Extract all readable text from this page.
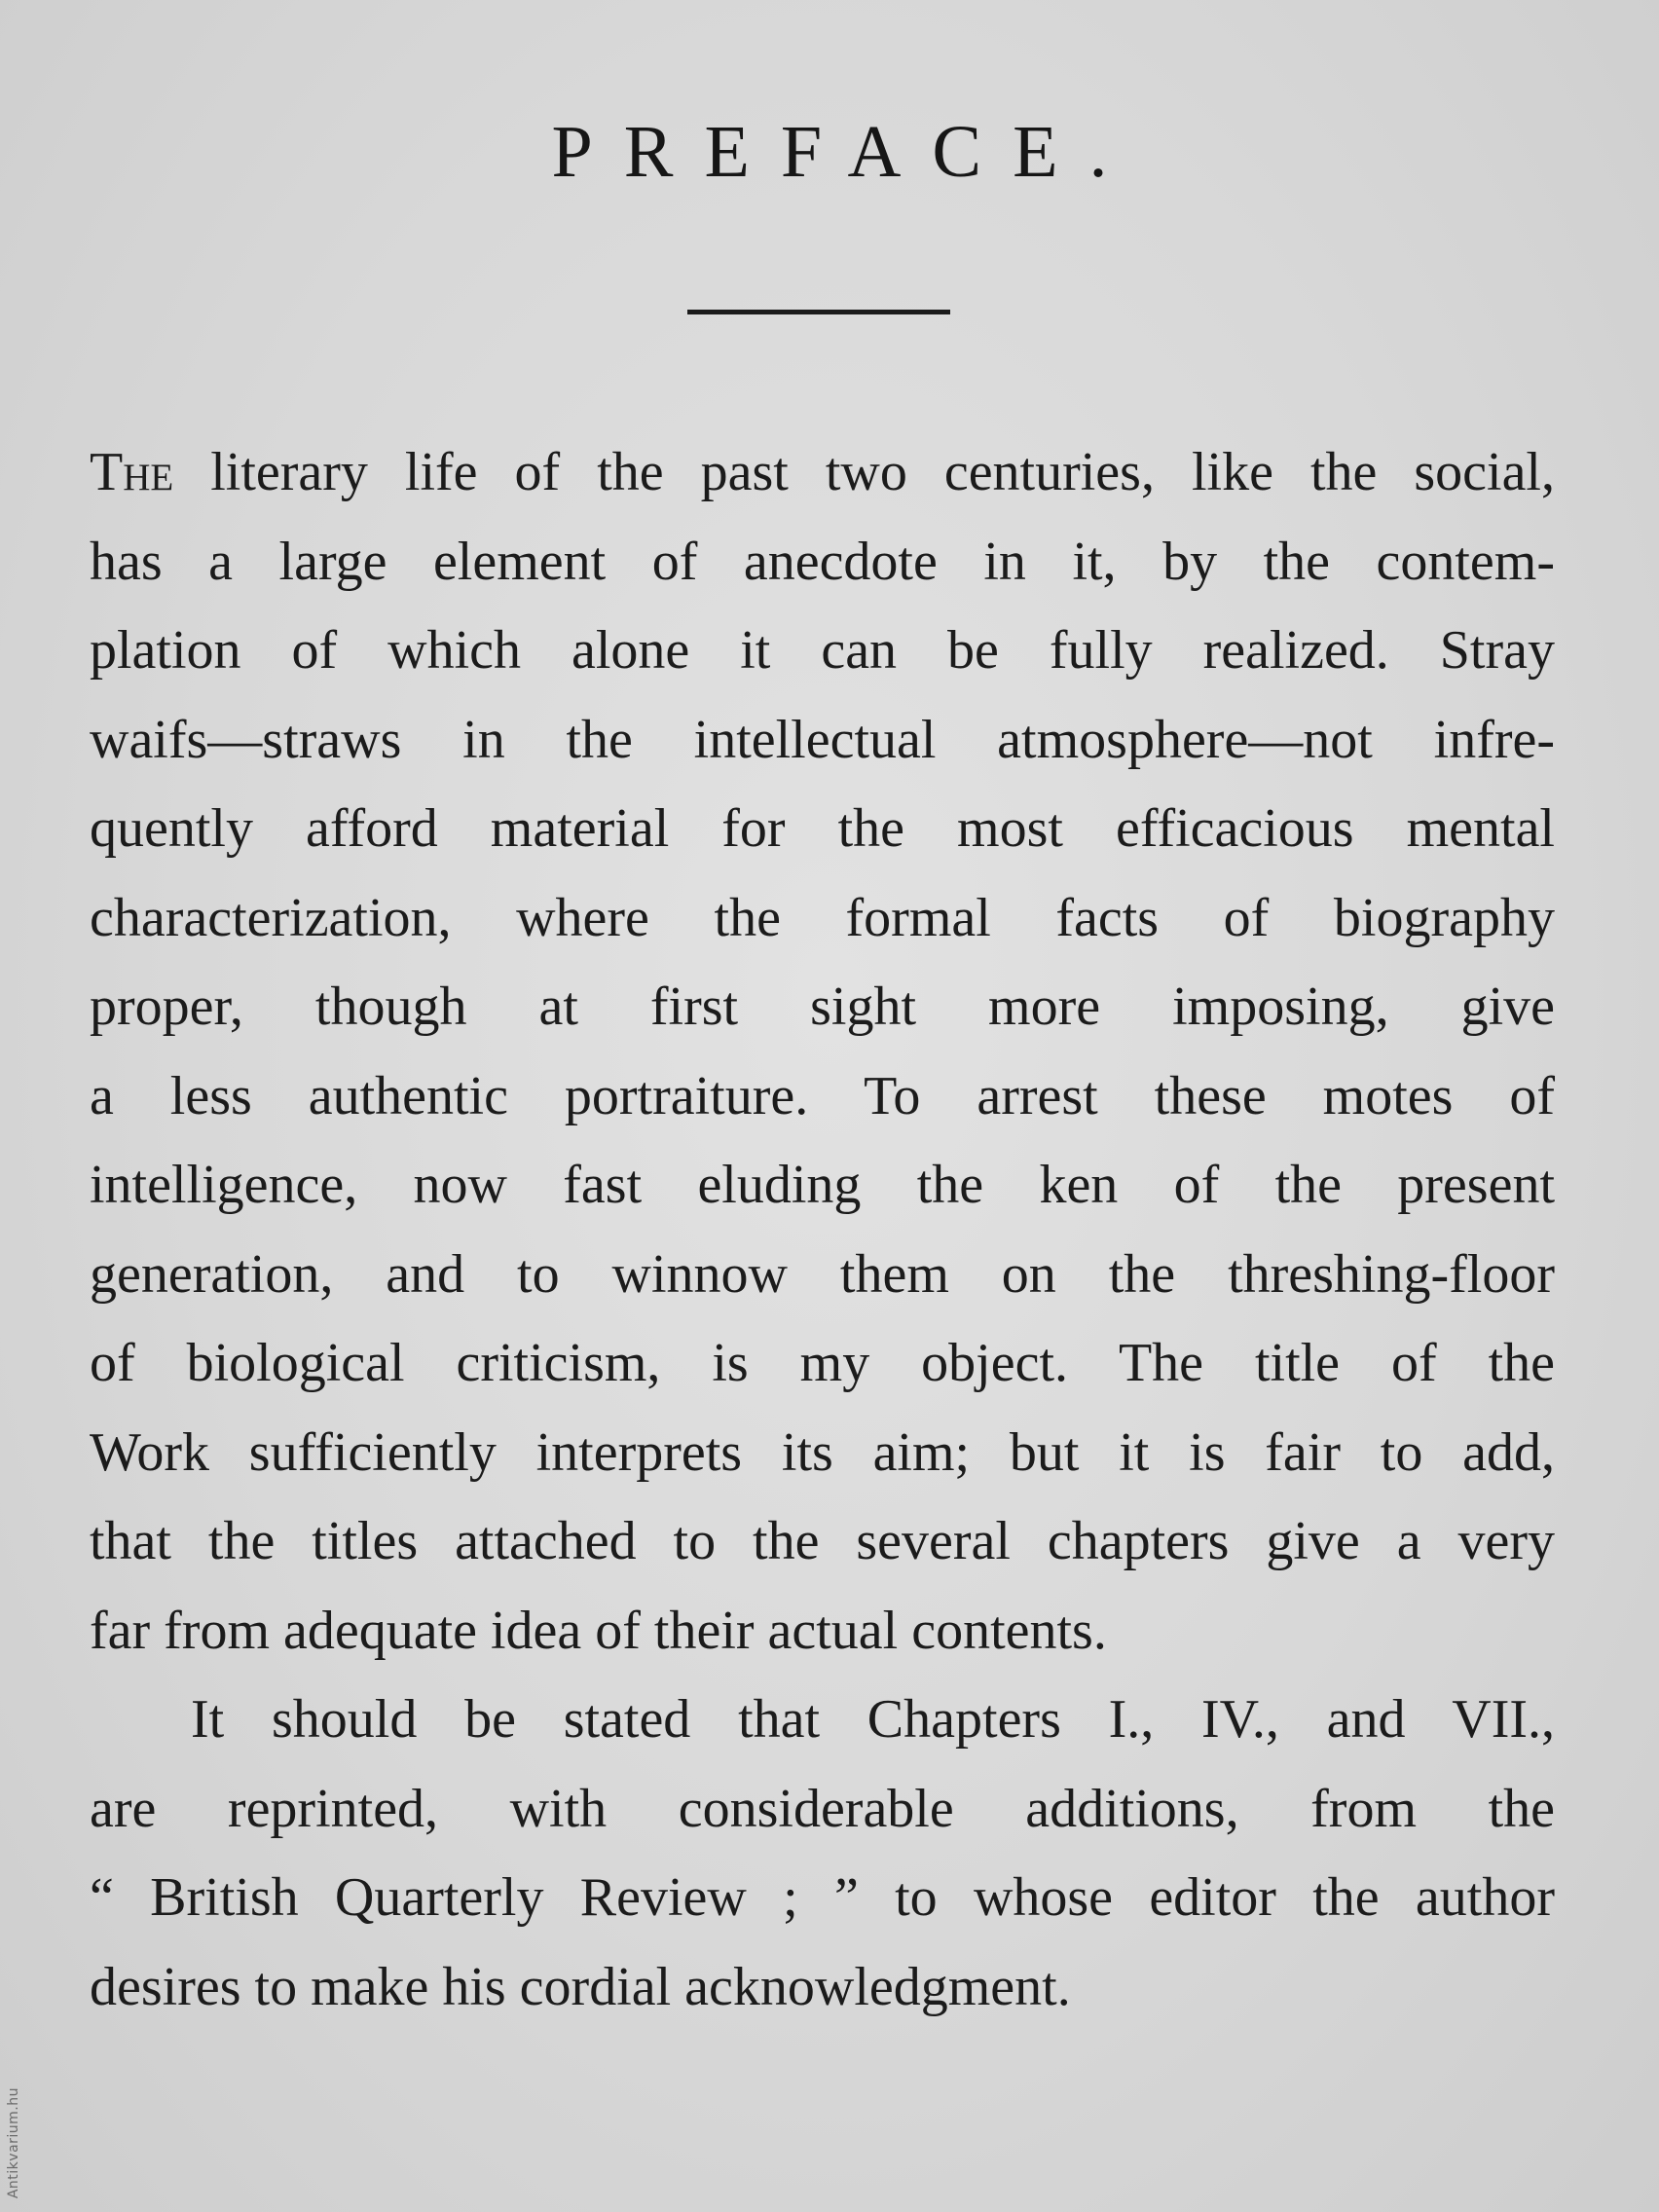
PREFACE.

The literary life of the past two centuries, like the social,
has a large element of anecdote in it, by the contem-
plation of which alone it can be fully realized. Stray
waifs—straws in the intellectual atmosphere—not infre-
quently afford material for the most efficacious mental
characterization, where the formal facts of biography
proper, though at first sight more imposing, give
a less authentic portraiture. To arrest these motes of
intelligence, now fast eluding the ken of the present
generation, and to winnow them on the threshing-floor
of biological criticism, is my object. The title of the
Work sufficiently interprets its aim; but it is fair to add,
that the titles attached to the several chapters give a very
far from adequate idea of their actual contents.

It should be stated that Chapters I., IV., and VII.,
are reprinted, with considerable additions, from the
“ British Quarterly Review ; ” to whose editor the author
desires to make his cordial acknowledgment.

Antikvarium.hu
